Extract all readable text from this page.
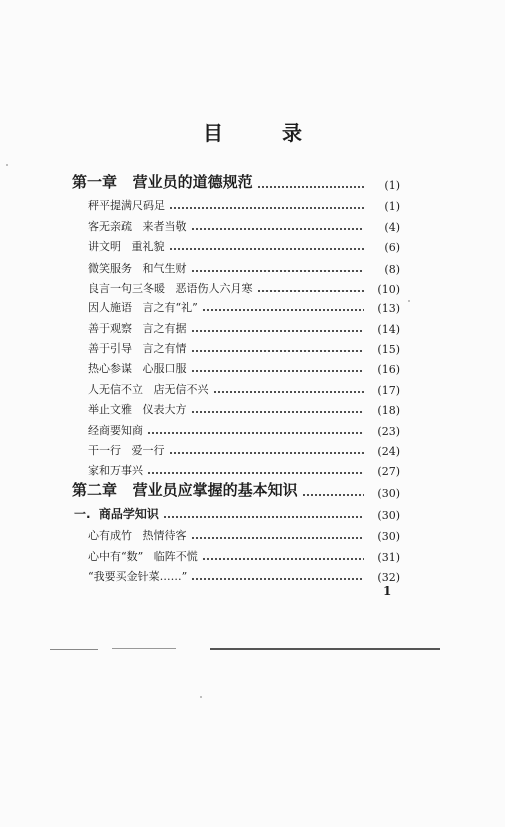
目 录
第一章   营业员的道德规范	(1)
秤平提满尺码足	(1)
客无亲疏   来者当敬	(4)
讲文明   重礼貌	(6)
微笑服务   和气生财	(8)
良言一句三冬暖   恶语伤人六月寒	(10)
因人施语   言之有“礼”	(13)
善于观察   言之有据	(14)
善于引导   言之有情	(15)
热心参谋   心服口服	(16)
人无信不立   店无信不兴	(17)
举止文雅   仪表大方	(18)
经商要知商	(23)
干一行   爱一行	(24)
家和万事兴	(27)
第二章   营业员应掌握的基本知识	(30)
一.  商品学知识	(30)
心有成竹   热情待客	(30)
心中有“数”   临阵不慌	(31)
“我要买金针菜……”	(32)
1
